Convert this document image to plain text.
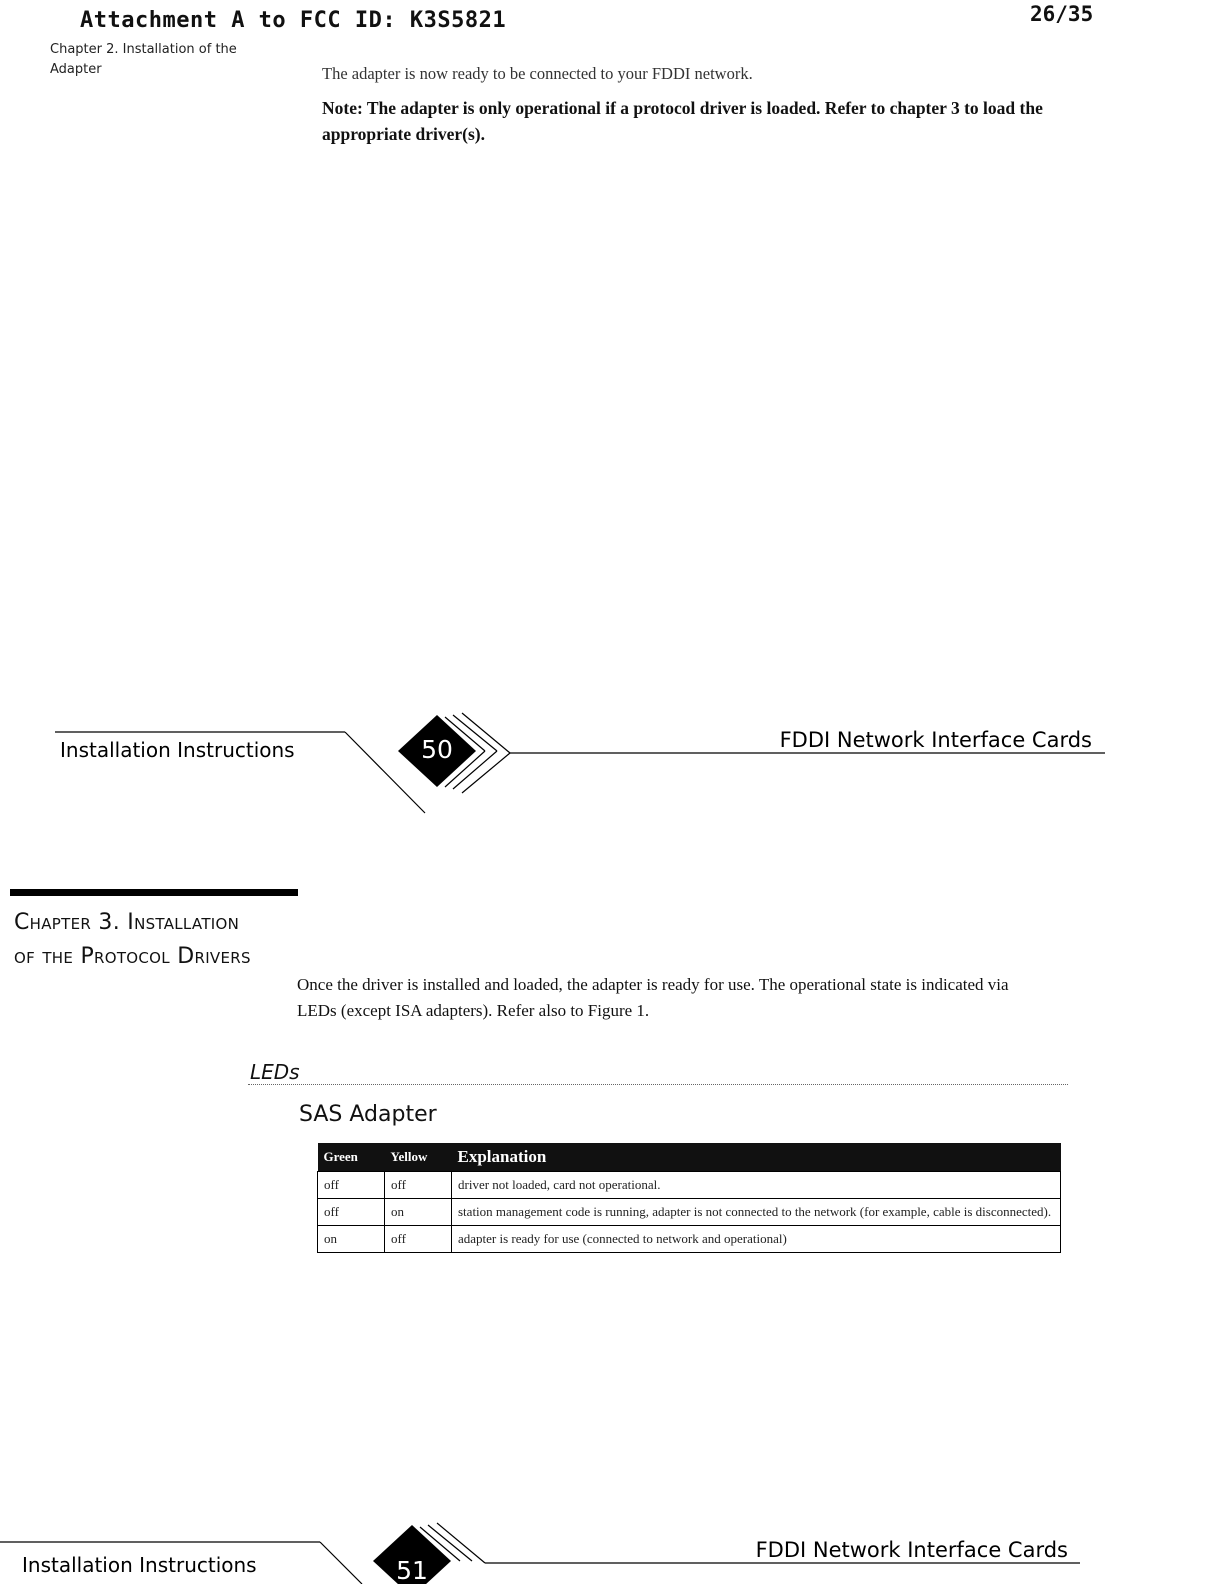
Attachment A to FCC ID: K3S5821	26/35
Chapter 2. Installation of the Adapter	The adapter is now ready to be connected to your FDDI network.
Note: The adapter is only operational if a protocol driver is loaded. Refer to chapter 3 to load the appropriate driver(s).
Installation Instructions	50	FDDI Network Interface Cards
Chapter 3. Installation
of the Protocol Drivers
Once the driver is installed and loaded, the adapter is ready for use. The operational state is indicated via LEDs (except ISA adapters). Refer also to Figure 1.
LEDs
SAS Adapter
Green	Yellow	Explanation
off	off	driver not loaded, card not operational.
off	on	station management code is running, adapter is not connected to the network (for example, cable is disconnected).
on	off	adapter is ready for use (connected to network and operational)
Installation Instructions	51
FDDI Network Interface Cards
